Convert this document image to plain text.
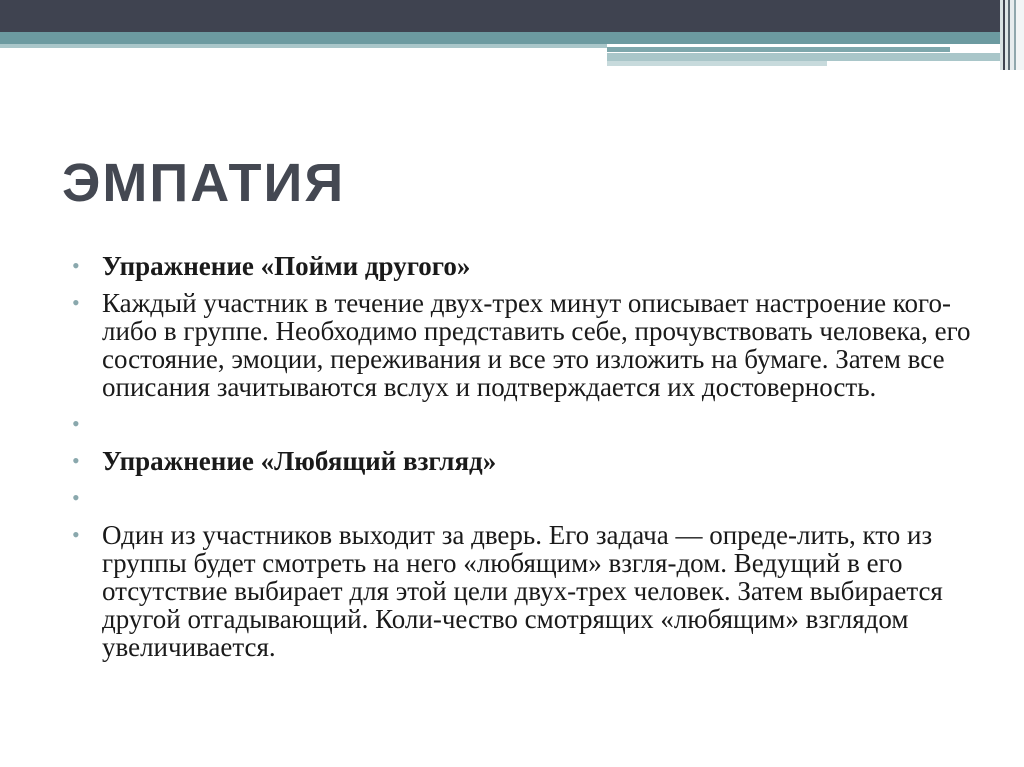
ЭМПАТИЯ
• Упражнение «Пойми другого»
• Каждый участник в течение двух-трех минут описывает настроение кого-либо в группе. Необходимо представить себе, прочувствовать человека, его состояние, эмоции, переживания и все это изложить на бумаге. Затем все описания зачитываются вслух и подтверждается их достоверность.
•
• Упражнение «Любящий взгляд»
•
• Один из участников выходит за дверь. Его задача — опреде-лить, кто из группы будет смотреть на него «любящим» взгля-дом. Ведущий в его отсутствие выбирает для этой цели двух-трех человек. Затем выбирается другой отгадывающий. Коли-чество смотрящих «любящим» взглядом увеличивается.
